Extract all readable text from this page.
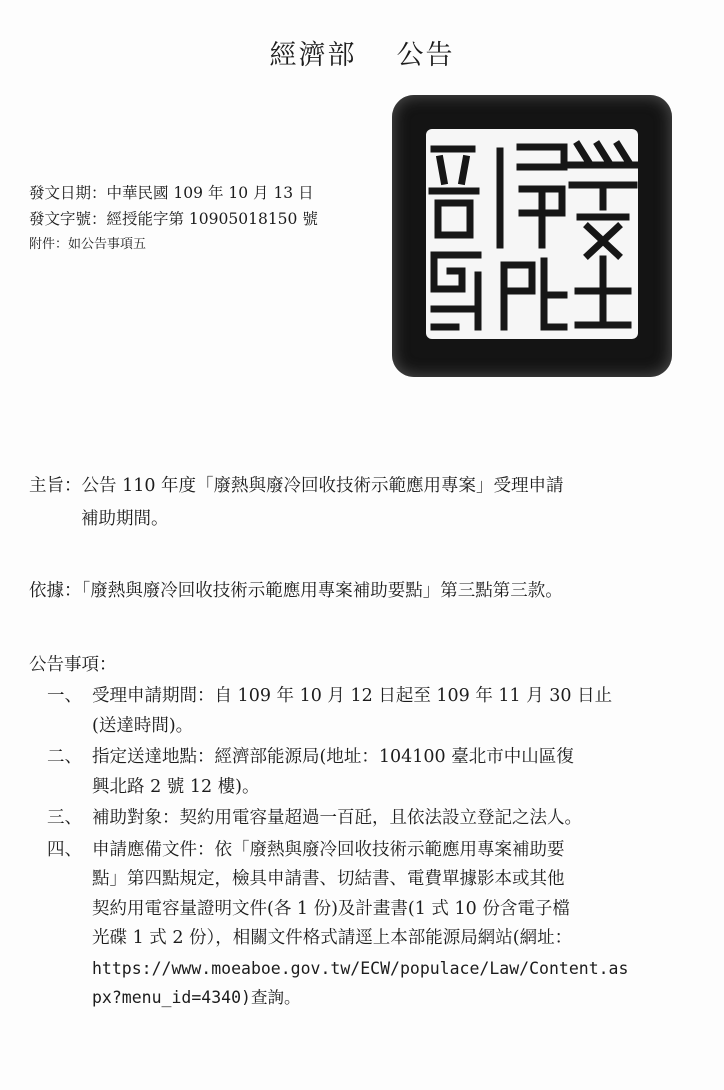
經濟部 公告
發文日期：中華民國 109 年 10 月 13 日
發文字號：經授能字第 10905018150 號
附件：如公告事項五
主旨：公告 110 年度「廢熱與廢冷回收技術示範應用專案」受理申請
補助期間。
依據：「廢熱與廢冷回收技術示範應用專案補助要點」第三點第三款。
公告事項：
一、 受理申請期間：自 109 年 10 月 12 日起至 109 年 11 月 30 日止
(送達時間)。
二、 指定送達地點：經濟部能源局(地址：104100 臺北市中山區復
興北路 2 號 12 樓)。
三、 補助對象：契約用電容量超過一百瓩，且依法設立登記之法人。
四、 申請應備文件：依「廢熱與廢冷回收技術示範應用專案補助要
點」第四點規定，檢具申請書、切結書、電費單據影本或其他
契約用電容量證明文件(各 1 份)及計畫書(1 式 10 份含電子檔
光碟 1 式 2 份），相關文件格式請逕上本部能源局網站(網址：
https://www.moeaboe.gov.tw/ECW/populace/Law/Content.as
px?menu_id=4340)查詢。
